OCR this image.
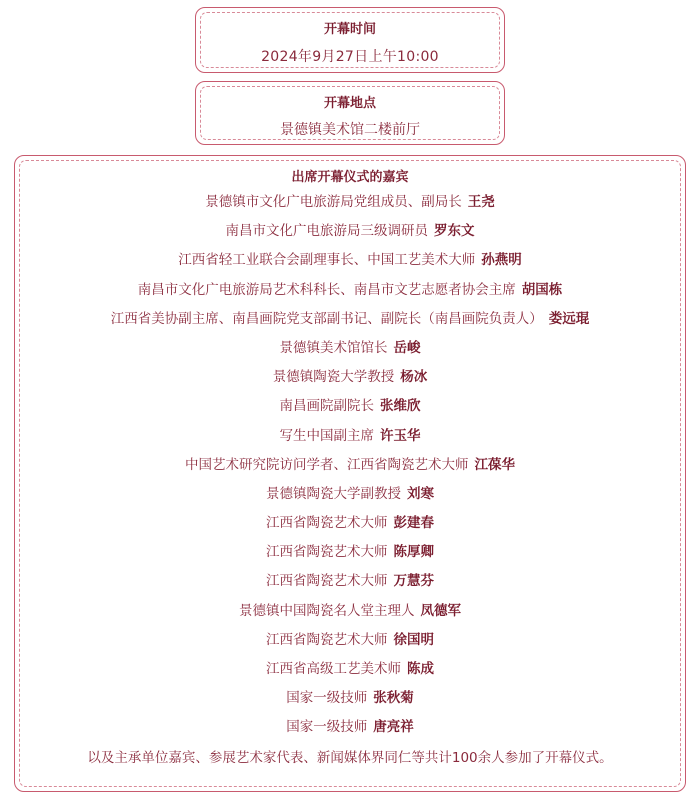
开幕时间
2024年9月27日上午10:00
开幕地点
景德镇美术馆二楼前厅
出席开幕仪式的嘉宾
景德镇市文化广电旅游局党组成员、副局长 王尧
南昌市文化广电旅游局三级调研员 罗东文
江西省轻工业联合会副理事长、中国工艺美术大师 孙燕明
南昌市文化广电旅游局艺术科科长、南昌市文艺志愿者协会主席 胡国栋
江西省美协副主席、南昌画院党支部副书记、副院长（南昌画院负责人） 娄远琨
景德镇美术馆馆长 岳峻
景德镇陶瓷大学教授 杨冰
南昌画院副院长 张维欣
写生中国副主席 许玉华
中国艺术研究院访问学者、江西省陶瓷艺术大师 江葆华
景德镇陶瓷大学副教授 刘寒
江西省陶瓷艺术大师 彭建春
江西省陶瓷艺术大师 陈厚卿
江西省陶瓷艺术大师 万慧芬
景德镇中国陶瓷名人堂主理人 凤德军
江西省陶瓷艺术大师 徐国明
江西省高级工艺美术师 陈成
国家一级技师 张秋菊
国家一级技师 唐亮祥
以及主承单位嘉宾、参展艺术家代表、新闻媒体界同仁等共计100余人参加了开幕仪式。
